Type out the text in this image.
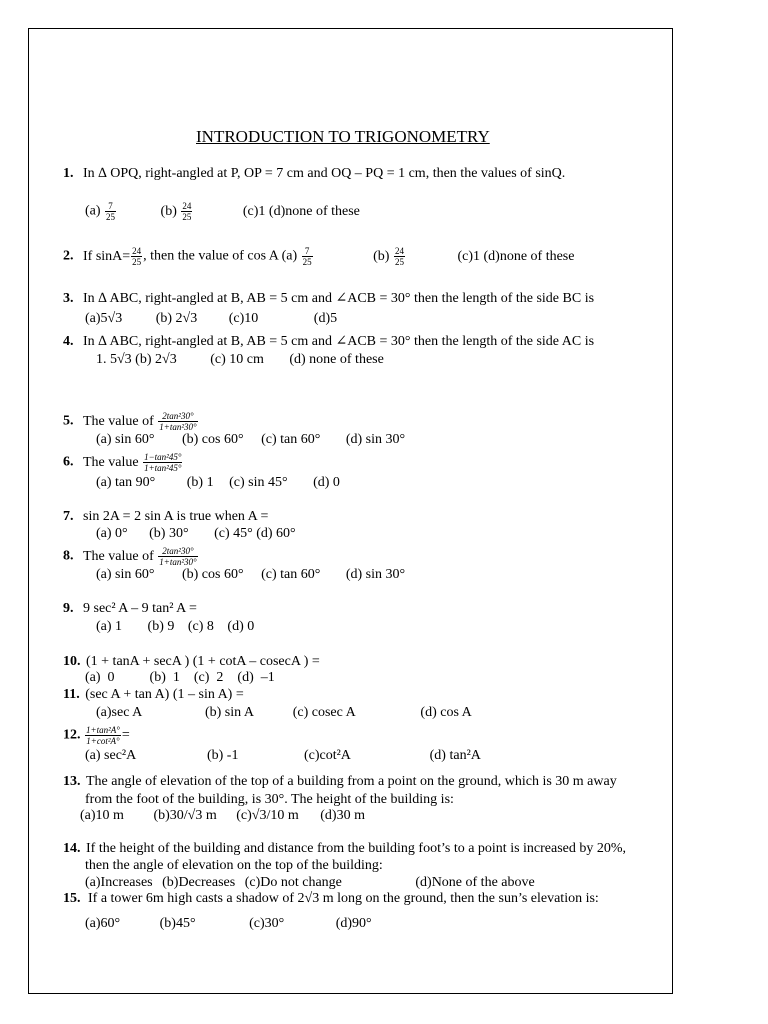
INTRODUCTION TO TRIGONOMETRY
1. In ∆ OPQ, right-angled at P, OP = 7 cm and OQ – PQ = 1 cm, then the values of sinQ.
$(a) \frac{7}{25}$	$(b) \frac{24}{25}$	(c)1 (d)none of these
2. If $\sin A= \frac{24}{25}$ , then the value of cos A $(a) \frac{7}{25}$	$(b) \frac{24}{25}$	(c)1 (d)none of these
3. In ∆ ABC, right-angled at B, AB = 5 cm and ∠ACB = 30° then the length of the side BC is
(a)5√3 (b) 2√3 (c)10	(d)5
4. In ∆ ABC, right-angled at B, AB = 5 cm and ∠ACB = 30° then the length of the side AC is
1. 5√3 (b) 2√3 (c) 10 cm (d) none of these
5. The value of $\frac{\text{2tan²30°}}{\text{1+tan²30°}}$
(a) sin 60° (b) cos 60° (c) tan 60° (d) sin 30°
6. The value $\frac{\text{1−tan²45°}}{\text{1+tan²45°}}$
(a) tan 90° (b) 1 (c) sin 45° (d) 0
7. sin 2A = 2 sin A is true when A =
(a) 0° (b) 30° (c) 45° (d) 60°
8. The value of $\frac{\text{2tan²30°}}{\text{1+tan²30°}}$
(a) sin 60° (b) cos 60° (c) tan 60° (d) sin 30°
9. 9 sec² A – 9 tan² A =
(a) 1 (b) 9 (c) 8 (d) 0
10. (1 + tanA + secA ) (1 + cotA – cosecA ) =
(a)  0          (b)  1    (c)  2    (d)  –1
11. (sec A + tan A) (1 – sin A) =
(a)sec A	(b) sin A	(c) cosec A	(d) cos A
12. $\frac{\text{1+tan²A°}}{\text{1+cot²A°}}$ =
(a) sec²A	(b) -1	(c)cot²A	(d) tan²A
13. The angle of elevation of the top of a building from a point on the ground, which is 30 m away
from the foot of the building, is 30°. The height of the building is:
(a)10 m (b)30/√3 m (c)√3/10 m (d)30 m
14. If the height of the building and distance from the building foot’s to a point is increased by 20%,
then the angle of elevation on the top of the building:
(a)Increases (b)Decreases (c)Do not change	(d)None of the above
15. If a tower 6m high casts a shadow of 2√3 m long on the ground, then the sun’s elevation is:
(a)60°	(b)45°	(c)30°	(d)90°
